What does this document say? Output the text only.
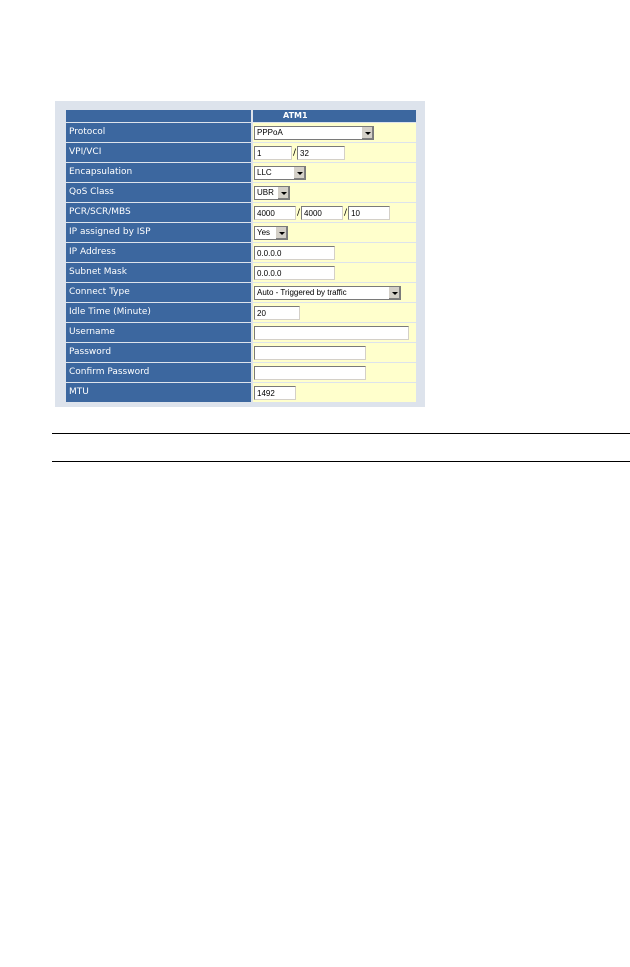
ATM1
Protocol	PPPoA
VPI/VCI	1	/ 32
Encapsulation	LLC
QoS Class	UBR
PCR/SCR/MBS	4000	/ 4000	/ 10
IP assigned by ISP	Yes
IP Address	0.0.0.0
Subnet Mask	0.0.0.0
Connect Type	Auto - Triggered by traffic
Idle Time (Minute)	20
Username
Password
Confirm Password
MTU	1492
